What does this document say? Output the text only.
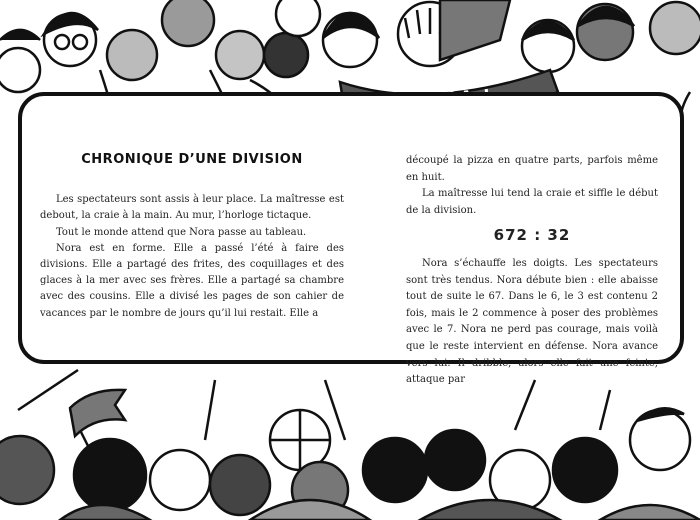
CHRONIQUE D’UNE DIVISION

Les spectateurs sont assis à leur place. La maîtresse est debout, la craie à la main. Au mur, l’horloge tictaque.

Tout le monde attend que Nora passe au tableau.

Nora est en forme. Elle a passé l’été à faire des divisions. Elle a partagé des frites, des coquillages et des glaces à la mer avec ses frères. Elle a partagé sa chambre avec des cousins. Elle a divisé les pages de son cahier de vacances par le nombre de jours qu’il lui restait. Elle a

découpé la pizza en quatre parts, parfois même en huit.

La maîtresse lui tend la craie et siffle le début de la division.

672 : 32

Nora s’échauffe les doigts. Les spectateurs sont très tendus. Nora débute bien : elle abaisse tout de suite le 67. Dans le 6, le 3 est contenu 2 fois, mais le 2 commence à poser des problèmes avec le 7. Nora ne perd pas courage, mais voilà que le reste intervient en défense. Nora avance vers lui. Il dribble, alors elle fait une feinte, attaque par
